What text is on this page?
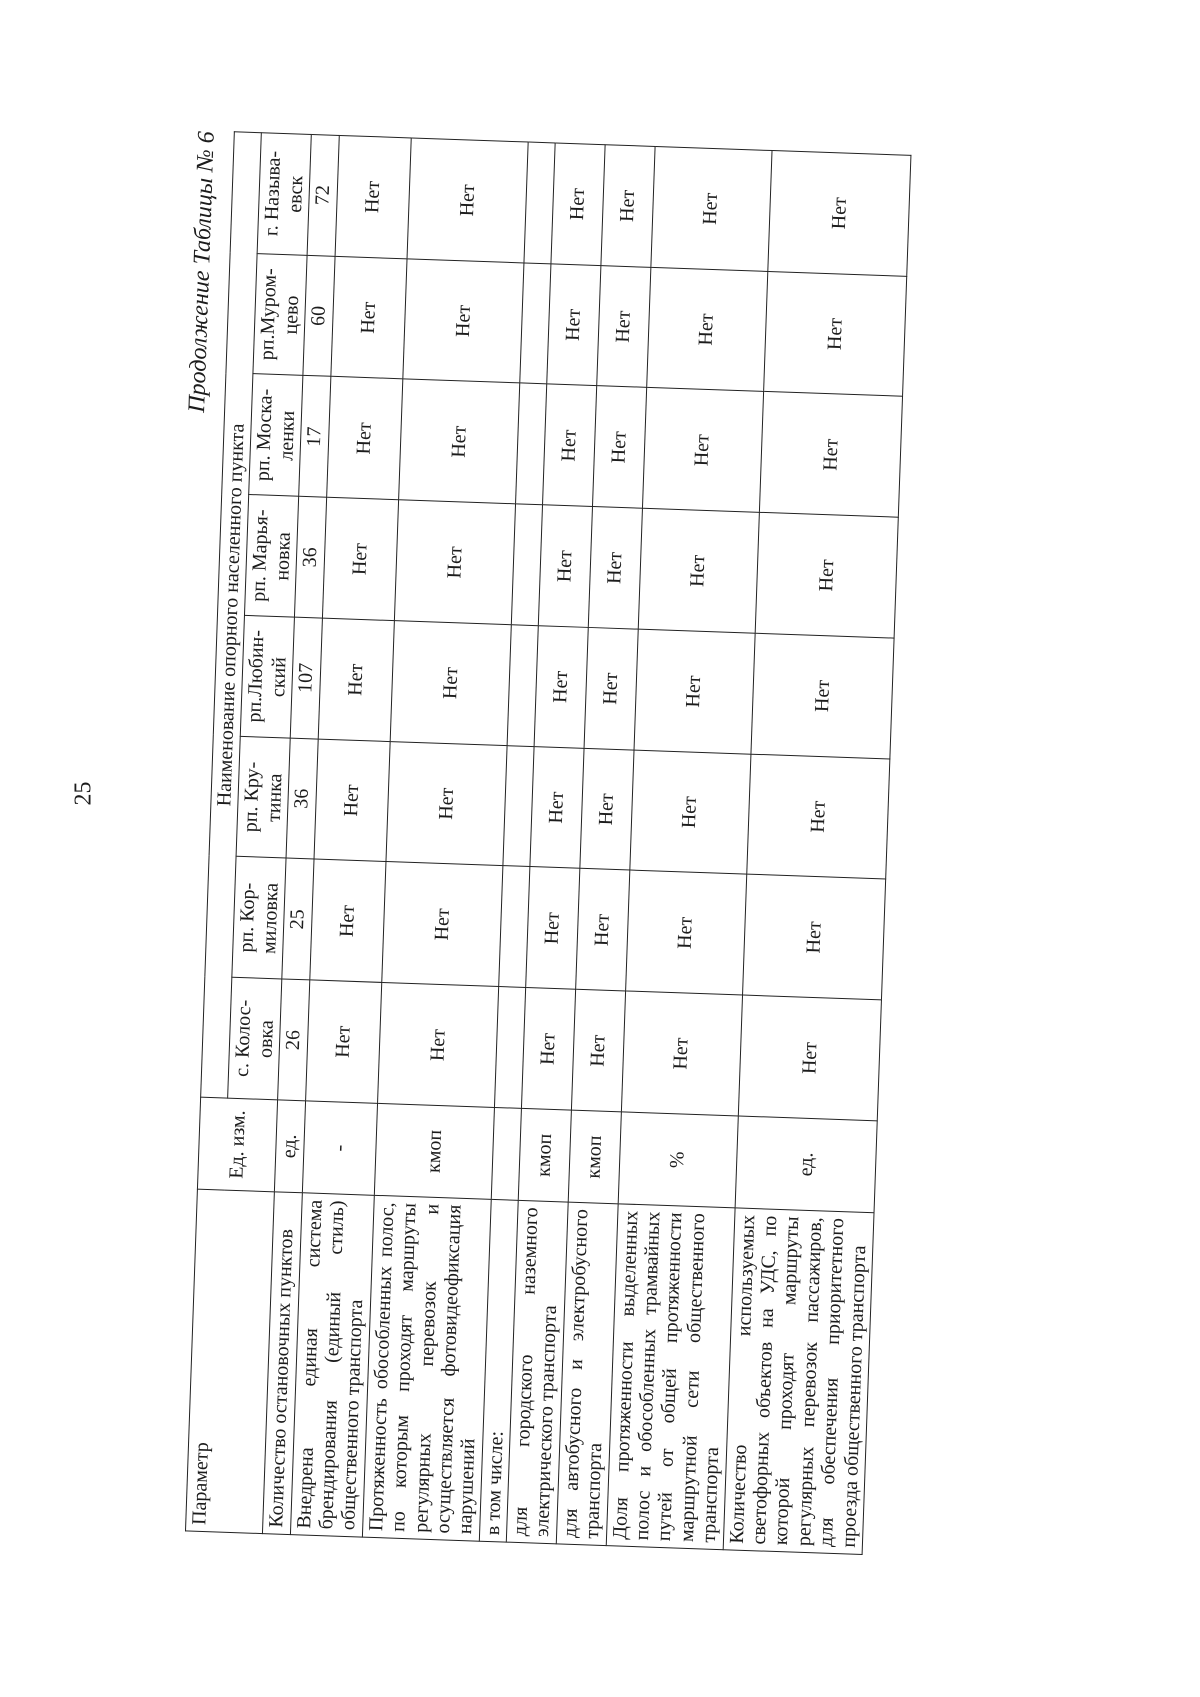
25
Продолжение Таблицы № 6
Параметр	Ед. изм.	Наименование опорного населенного пункта							
		с. Колос-овка	рп. Кор-миловка	рп. Кру-тинка	рп.Любин-ский	рп. Марья-новка	рп. Моска-ленки	рп.Муром-цево	г. Называ-евск
Количество остановочных пунктов	ед.	26	25	36	107	36	17	60	72
Внедрена единая система брендирования (единый стиль) общественного транспорта	-	Нет	Нет	Нет	Нет	Нет	Нет	Нет	Нет
Протяженность обособленных полос, по которым проходят маршруты регулярных перевозок и осуществляется фотовидеофиксация нарушений	кмоп	Нет	Нет	Нет	Нет	Нет	Нет	Нет	Нет
в том числе:									
для городского наземного электрического транспорта	кмоп	Нет	Нет	Нет	Нет	Нет	Нет	Нет	Нет
для автобусного и электробусного транспорта	кмоп	Нет	Нет	Нет	Нет	Нет	Нет	Нет	Нет
Доля протяженности выделенных полос и обособленных трамвайных путей от общей протяженности маршрутной сети общественного транспорта	%	Нет	Нет	Нет	Нет	Нет	Нет	Нет	Нет
Количество используемых светофорных объектов на УДС, по которой проходят маршруты регулярных перевозок пассажиров, для обеспечения приоритетного проезда общественного транспорта	ед.	Нет	Нет	Нет	Нет	Нет	Нет	Нет	Нет
